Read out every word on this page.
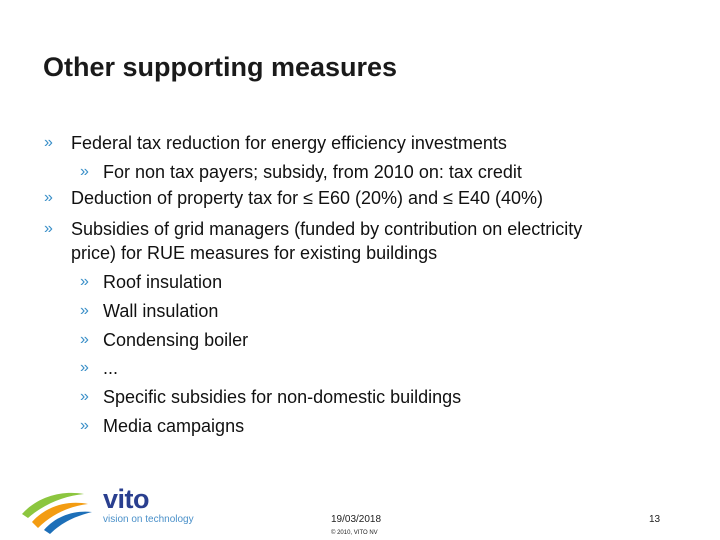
Other supporting measures
» Federal tax reduction for energy efficiency investments
» For non tax payers; subsidy, from 2010 on: tax credit
» Deduction of property tax for ≤ E60 (20%) and ≤ E40 (40%)
» Subsidies of grid managers (funded by contribution on electricity
price) for RUE measures for existing buildings
» Roof insulation
» Wall insulation
» Condensing boiler
» ...
» Specific subsidies for non-domestic buildings
» Media campaigns
vito
vision on technology	19/03/2018
© 2010, VITO NV
13
